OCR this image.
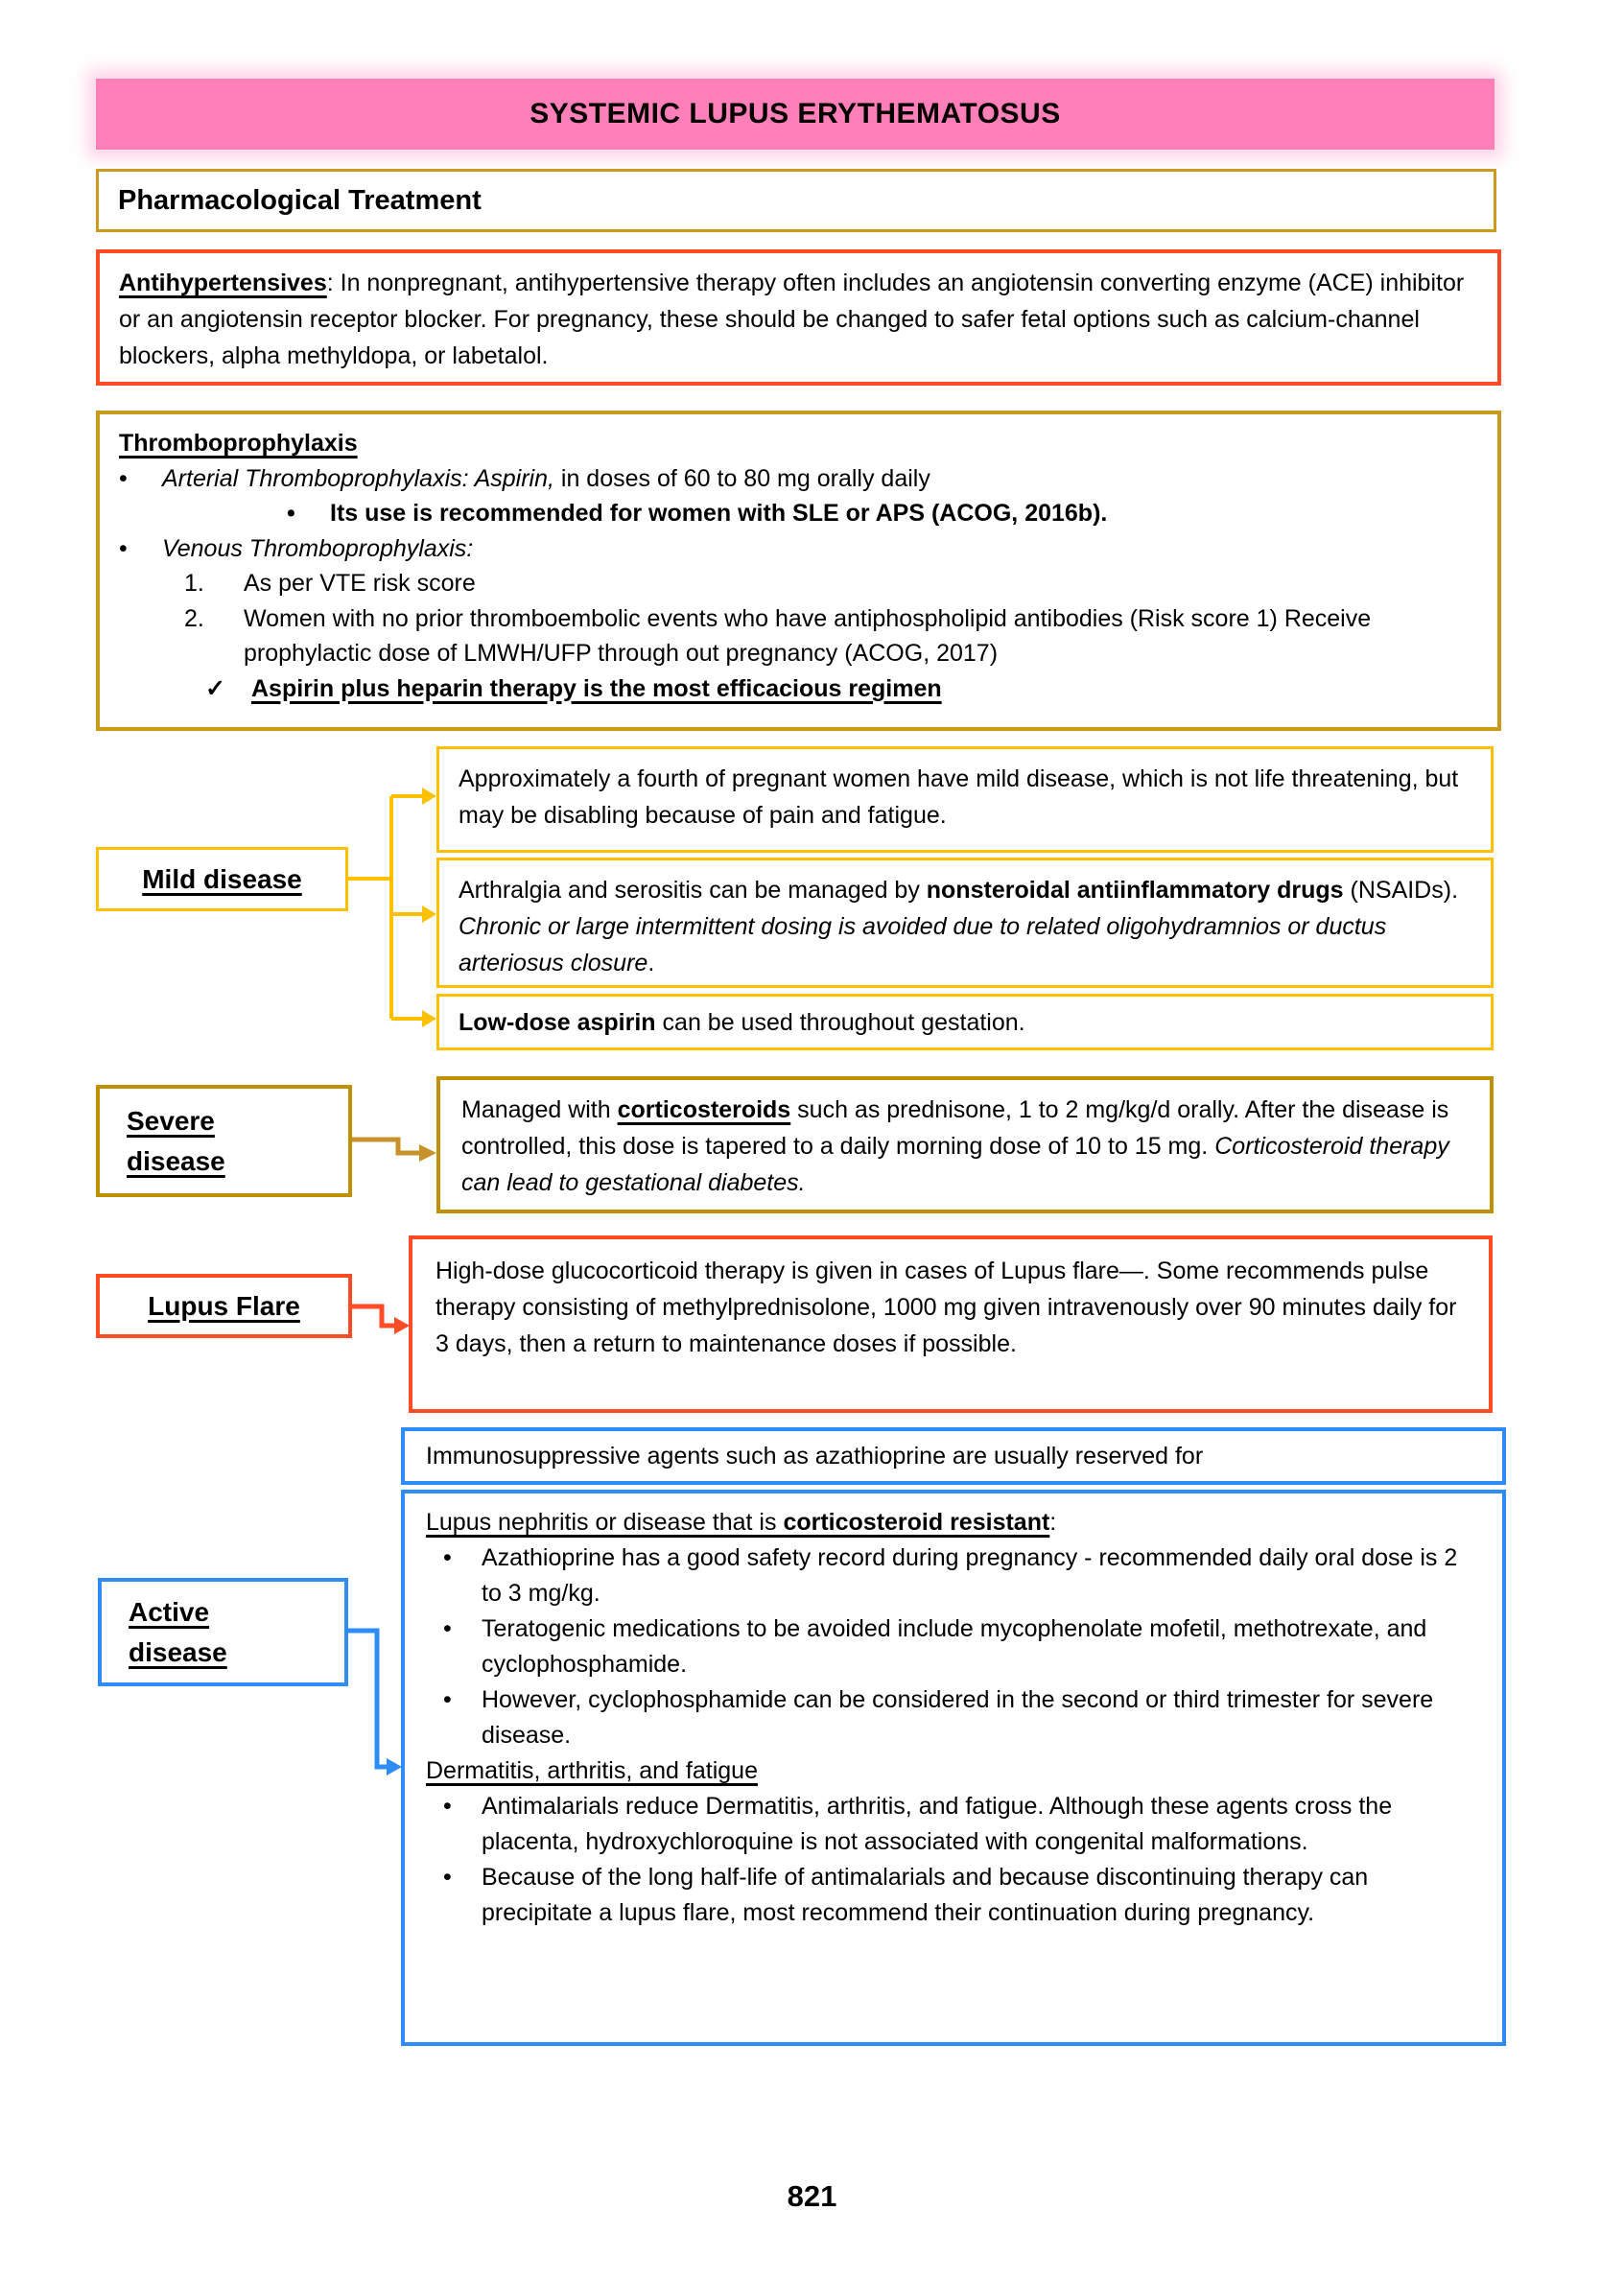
SYSTEMIC LUPUS ERYTHEMATOSUS
Pharmacological Treatment
Antihypertensives: In nonpregnant, antihypertensive therapy often includes an angiotensin converting enzyme (ACE) inhibitor or an angiotensin receptor blocker. For pregnancy, these should be changed to safer fetal options such as calcium-channel blockers, alpha methyldopa, or labetalol.
Thromboprophylaxis
•	Arterial Thromboprophylaxis: Aspirin, in doses of 60 to 80 mg orally daily
•	Its use is recommended for women with SLE or APS (ACOG, 2016b).
•	Venous Thromboprophylaxis:
1.	As per VTE risk score
2.	Women with no prior thromboembolic events who have antiphospholipid antibodies (Risk score 1) Receive prophylactic dose of LMWH/UFP through out pregnancy (ACOG, 2017)
✓	Aspirin plus heparin therapy is the most efficacious regimen
Mild disease
Approximately a fourth of pregnant women have mild disease, which is not life threatening, but may be disabling because of pain and fatigue.
Arthralgia and serositis can be managed by nonsteroidal antiinflammatory drugs (NSAIDs). Chronic or large intermittent dosing is avoided due to related oligohydramnios or ductus arteriosus closure.
Low-dose aspirin can be used throughout gestation.
Severe disease
Managed with corticosteroids such as prednisone, 1 to 2 mg/kg/d orally. After the disease is controlled, this dose is tapered to a daily morning dose of 10 to 15 mg. Corticosteroid therapy can lead to gestational diabetes.
Lupus Flare
High-dose glucocorticoid therapy is given in cases of Lupus flare—. Some recommends pulse therapy consisting of methylprednisolone, 1000 mg given intravenously over 90 minutes daily for 3 days, then a return to maintenance doses if possible.
Immunosuppressive agents such as azathioprine are usually reserved for
Lupus nephritis or disease that is corticosteroid resistant:
•	Azathioprine has a good safety record during pregnancy - recommended daily oral dose is 2 to 3 mg/kg.
•	Teratogenic medications to be avoided include mycophenolate mofetil, methotrexate, and cyclophosphamide.
•	However, cyclophosphamide can be considered in the second or third trimester for severe disease.
Dermatitis, arthritis, and fatigue
•	Antimalarials reduce Dermatitis, arthritis, and fatigue. Although these agents cross the placenta, hydroxychloroquine is not associated with congenital malformations.
•	Because of the long half-life of antimalarials and because discontinuing therapy can precipitate a lupus flare, most recommend their continuation during pregnancy.
Active disease
821
